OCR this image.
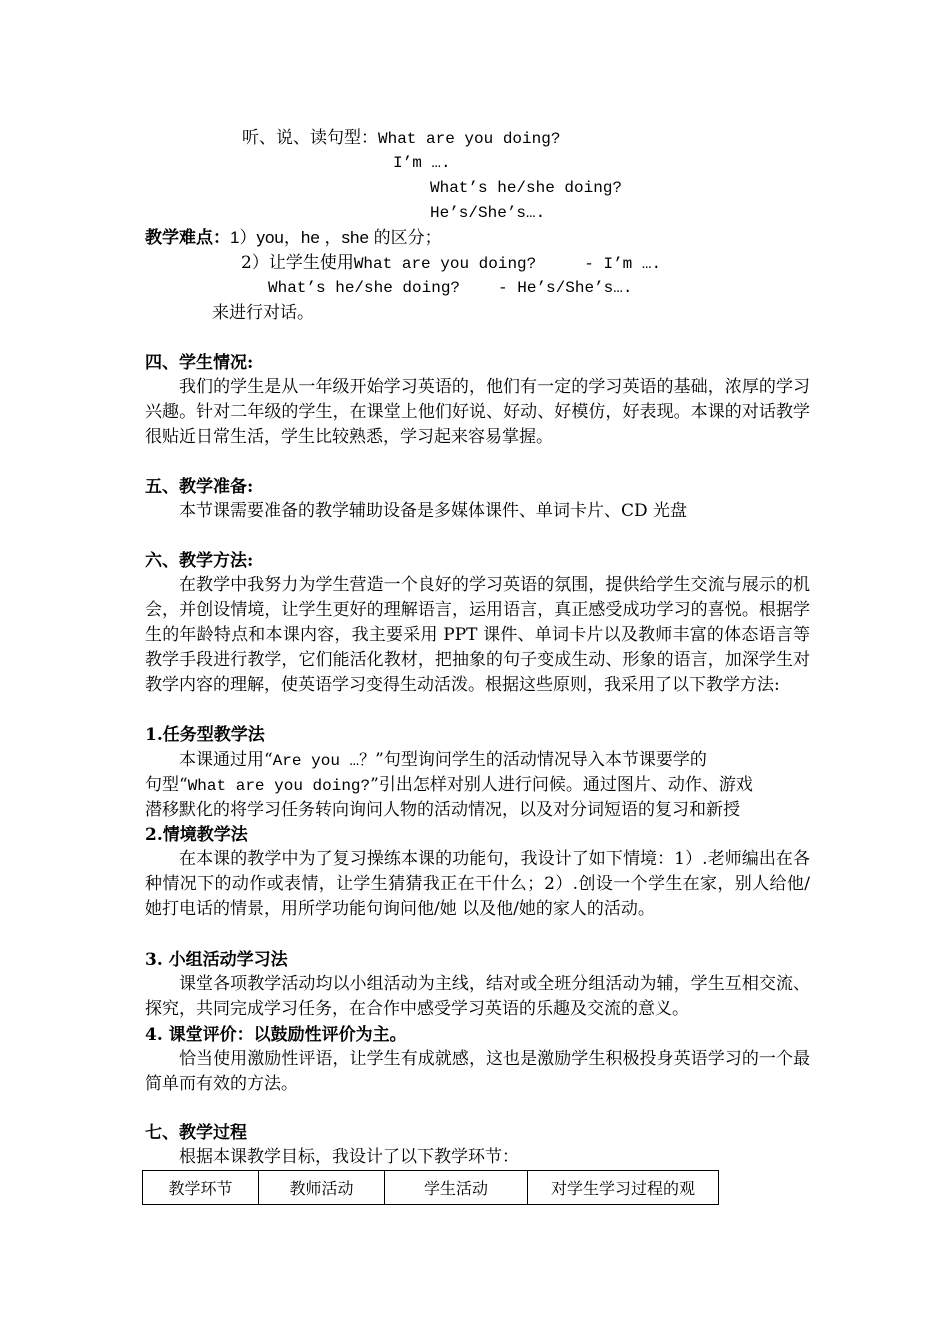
听、说、读句型：What are you doing?
I’m ….
What’s he/she doing?
He’s/She’s….
教学难点：1）you，he ，she 的区分；
2）让学生使用What are you doing?	- I’m ….
What’s he/she doing? - He’s/She’s….
来进行对话。
四、学生情况:
我们的学生是从一年级开始学习英语的，他们有一定的学习英语的基础，浓厚的学习兴趣。针对二年级的学生，在课堂上他们好说、好动、好模仿，好表现。本课的对话教学很贴近日常生活，学生比较熟悉，学习起来容易掌握。
五、教学准备:
本节课需要准备的教学辅助设备是多媒体课件、单词卡片、CD 光盘
六、教学方法:
在教学中我努力为学生营造一个良好的学习英语的氛围，提供给学生交流与展示的机会，并创设情境，让学生更好的理解语言，运用语言，真正感受成功学习的喜悦。根据学生的年龄特点和本课内容，我主要采用 PPT 课件、单词卡片以及教师丰富的体态语言等教学手段进行教学，它们能活化教材，把抽象的句子变成生动、形象的语言，加深学生对教学内容的理解，使英语学习变得生动活泼。根据这些原则，我采用了以下教学方法:
1.任务型教学法
本课通过用“Are you …？”句型询问学生的活动情况导入本节课要学的
句型“What are you doing?”引出怎样对别人进行问候。通过图片、动作、游戏
潜移默化的将学习任务转向询问人物的活动情况，以及对分词短语的复习和新授
2.情境教学法
在本课的教学中为了复习操练本课的功能句，我设计了如下情境：1）.老师编出在各种情况下的动作或表情，让学生猜猜我正在干什么；2）.创设一个学生在家，别人给他/她打电话的情景，用所学功能句询问他/她 以及他/她的家人的活动。
3. 小组活动学习法
课堂各项教学活动均以小组活动为主线，结对或全班分组活动为辅，学生互相交流、探究，共同完成学习任务，在合作中感受学习英语的乐趣及交流的意义。
4. 课堂评价：以鼓励性评价为主。
恰当使用激励性评语，让学生有成就感，这也是激励学生积极投身英语学习的一个最简单而有效的方法。
七、教学过程
根据本课教学目标，我设计了以下教学环节：
教学环节	教师活动	学生活动	对学生学习过程的观
